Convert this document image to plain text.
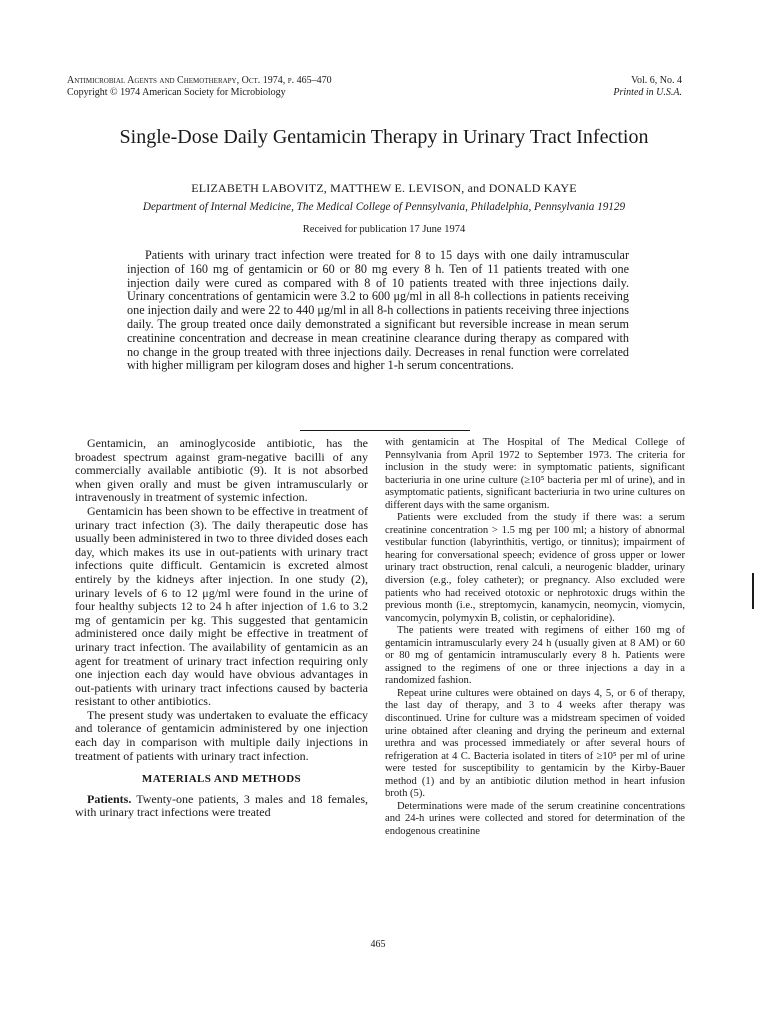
Antimicrobial Agents and Chemotherapy, Oct. 1974, p. 465–470
Copyright © 1974 American Society for Microbiology
Vol. 6, No. 4
Printed in U.S.A.
Single-Dose Daily Gentamicin Therapy in Urinary Tract Infection
ELIZABETH LABOVITZ, MATTHEW E. LEVISON, and DONALD KAYE
Department of Internal Medicine, The Medical College of Pennsylvania, Philadelphia, Pennsylvania 19129
Received for publication 17 June 1974

Patients with urinary tract infection were treated for 8 to 15 days with one daily intramuscular injection of 160 mg of gentamicin or 60 or 80 mg every 8 h. Ten of 11 patients treated with one injection daily were cured as compared with 8 of 10 patients treated with three injections daily. Urinary concentrations of gentamicin were 3.2 to 600 μg/ml in all 8-h collections in patients receiving one injection daily and were 22 to 440 μg/ml in all 8-h collections in patients receiving three injections daily. The group treated once daily demonstrated a significant but reversible increase in mean serum creatinine concentration and decrease in mean creatinine clearance during therapy as compared with no change in the group treated with three injections daily. Decreases in renal function were correlated with higher milligram per kilogram doses and higher 1-h serum concentrations.

Gentamicin, an aminoglycoside antibiotic, has the broadest spectrum against gram-negative bacilli of any commercially available antibiotic (9). It is not absorbed when given orally and must be given intramuscularly or intravenously in treatment of systemic infection.

Gentamicin has been shown to be effective in treatment of urinary tract infection (3). The daily therapeutic dose has usually been administered in two to three divided doses each day, which makes its use in out-patients with urinary tract infections quite difficult. Gentamicin is excreted almost entirely by the kidneys after injection. In one study (2), urinary levels of 6 to 12 μg/ml were found in the urine of four healthy subjects 12 to 24 h after injection of 1.6 to 3.2 mg of gentamicin per kg. This suggested that gentamicin administered once daily might be effective in treatment of urinary tract infection. The availability of gentamicin as an agent for treatment of urinary tract infection requiring only one injection each day would have obvious advantages in out-patients with urinary tract infections caused by bacteria resistant to other antibiotics.

The present study was undertaken to evaluate the efficacy and tolerance of gentamicin administered by one injection each day in comparison with multiple daily injections in treatment of patients with urinary tract infection.

MATERIALS AND METHODS

Patients. Twenty-one patients, 3 males and 18 females, with urinary tract infections were treated

with gentamicin at The Hospital of The Medical College of Pennsylvania from April 1972 to September 1973. The criteria for inclusion in the study were: in symptomatic patients, significant bacteriuria in one urine culture (≥10⁵ bacteria per ml of urine), and in asymptomatic patients, significant bacteriuria in two urine cultures on different days with the same organism.

Patients were excluded from the study if there was: a serum creatinine concentration > 1.5 mg per 100 ml; a history of abnormal vestibular function (labyrinthitis, vertigo, or tinnitus); impairment of hearing for conversational speech; evidence of gross upper or lower urinary tract obstruction, renal calculi, a neurogenic bladder, urinary diversion (e.g., foley catheter); or pregnancy. Also excluded were patients who had received ototoxic or nephrotoxic drugs within the previous month (i.e., streptomycin, kanamycin, neomycin, viomycin, vancomycin, polymyxin B, colistin, or cephaloridine).

The patients were treated with regimens of either 160 mg of gentamicin intramuscularly every 24 h (usually given at 8 AM) or 60 or 80 mg of gentamicin intramuscularly every 8 h. Patients were assigned to the regimens of one or three injections a day in a randomized fashion.

Repeat urine cultures were obtained on days 4, 5, or 6 of therapy, the last day of therapy, and 3 to 4 weeks after therapy was discontinued. Urine for culture was a midstream specimen of voided urine obtained after cleaning and drying the perineum and external urethra and was processed immediately or after several hours of refrigeration at 4 C. Bacteria isolated in titers of ≥10⁵ per ml of urine were tested for susceptibility to gentamicin by the Kirby-Bauer method (1) and by an antibiotic dilution method in heart infusion broth (5).

Determinations were made of the serum creatinine concentrations and 24-h urines were collected and stored for determination of the endogenous creatinine

465
